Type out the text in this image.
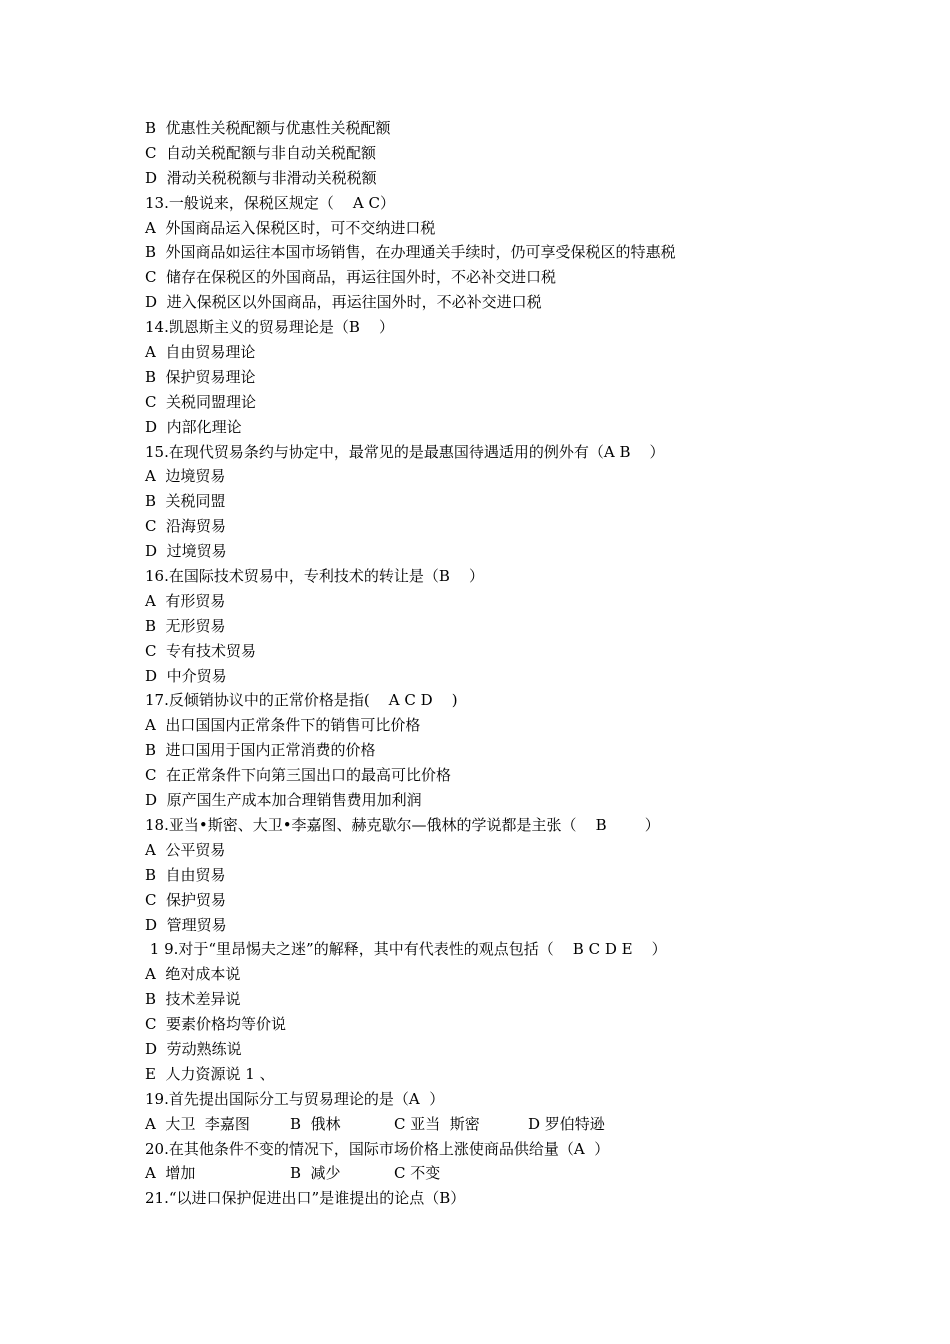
B  优惠性关税配额与优惠性关税配额
C  自动关税配额与非自动关税配额
D  滑动关税税额与非滑动关税税额
13.一般说来，保税区规定（    A C）
A  外国商品运入保税区时，可不交纳进口税
B  外国商品如运往本国市场销售，在办理通关手续时，仍可享受保税区的特惠税
C  储存在保税区的外国商品，再运往国外时，不必补交进口税
D  进入保税区以外国商品，再运往国外时，不必补交进口税
14.凯恩斯主义的贸易理论是（B    ）
A  自由贸易理论
B  保护贸易理论
C  关税同盟理论
D  内部化理论
15.在现代贸易条约与协定中，最常见的是最惠国待遇适用的例外有（A B    ）
A  边境贸易
B  关税同盟
C  沿海贸易
D  过境贸易
16.在国际技术贸易中，专利技术的转让是（B    ）
A  有形贸易
B  无形贸易
C  专有技术贸易
D  中介贸易
17.反倾销协议中的正常价格是指(    A C D    )
A  出口国国内正常条件下的销售可比价格
B  进口国用于国内正常消费的价格
C  在正常条件下向第三国出口的最高可比价格
D  原产国生产成本加合理销售费用加利润
18.亚当•斯密、大卫•李嘉图、赫克歇尔—俄林的学说都是主张（    B        ）
A  公平贸易
B  自由贸易
C  保护贸易
D  管理贸易
1 9.对于“里昂惕夫之迷”的解释，其中有代表性的观点包括（    B C D E    ）
A  绝对成本说
B  技术差异说
C  要素价格均等价说
D  劳动熟练说
E  人力资源说 1 、
19.首先提出国际分工与贸易理论的是（A  ）
A  大卫  李嘉图	B  俄林	C 亚当  斯密	D 罗伯特逊
20.在其他条件不变的情况下，国际市场价格上涨使商品供给量（A  ）
A  增加	B  减少	C 不变
21.“以进口保护促进出口”是谁提出的论点（B）
